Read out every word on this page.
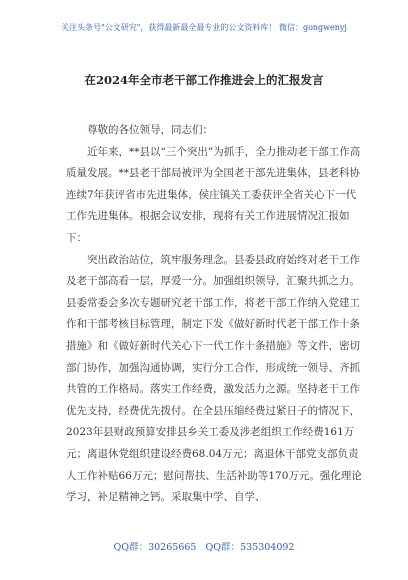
关注头条号"公文研究"，获得最新最全最专业的公文资料库！ 微信：gongwenyj
在2024年全市老干部工作推进会上的汇报发言

尊敬的各位领导，同志们：

近年来，**县以“三个突出”为抓手，全力推动老干部工作高质量发展。**县老干部局被评为全国老干部先进集体，县老科协连续7年获评省市先进集体，侯庄镇关工委获评全省关心下一代工作先进集体。根据会议安排，现将有关工作进展情况汇报如下：

突出政治站位，筑牢服务理念。县委县政府始终对老干工作及老干部高看一层，厚爱一分。加强组织领导，汇聚共抓之力。县委常委会多次专题研究老干部工作，将老干部工作纳入党建工作和干部考核目标管理，制定下发《做好新时代老干部工作十条措施》和《做好新时代关心下一代工作十条措施》等文件，密切部门协作，加强沟通协调，实行分工合作，形成统一领导、齐抓共管的工作格局。落实工作经费，激发活力之源。坚持老干工作优先支持，经费优先拨付。在全县压缩经费过紧日子的情况下，2023年县财政预算安排县乡关工委及涉老组织工作经费161万元；离退休党组织建设经费68.04万元；离退休干部党支部负责人工作补贴66万元；慰问帮扶、生活补助等170万元。强化理论学习，补足精神之钙。采取集中学、自学、

QQ群：30265665 QQ群：535304092
